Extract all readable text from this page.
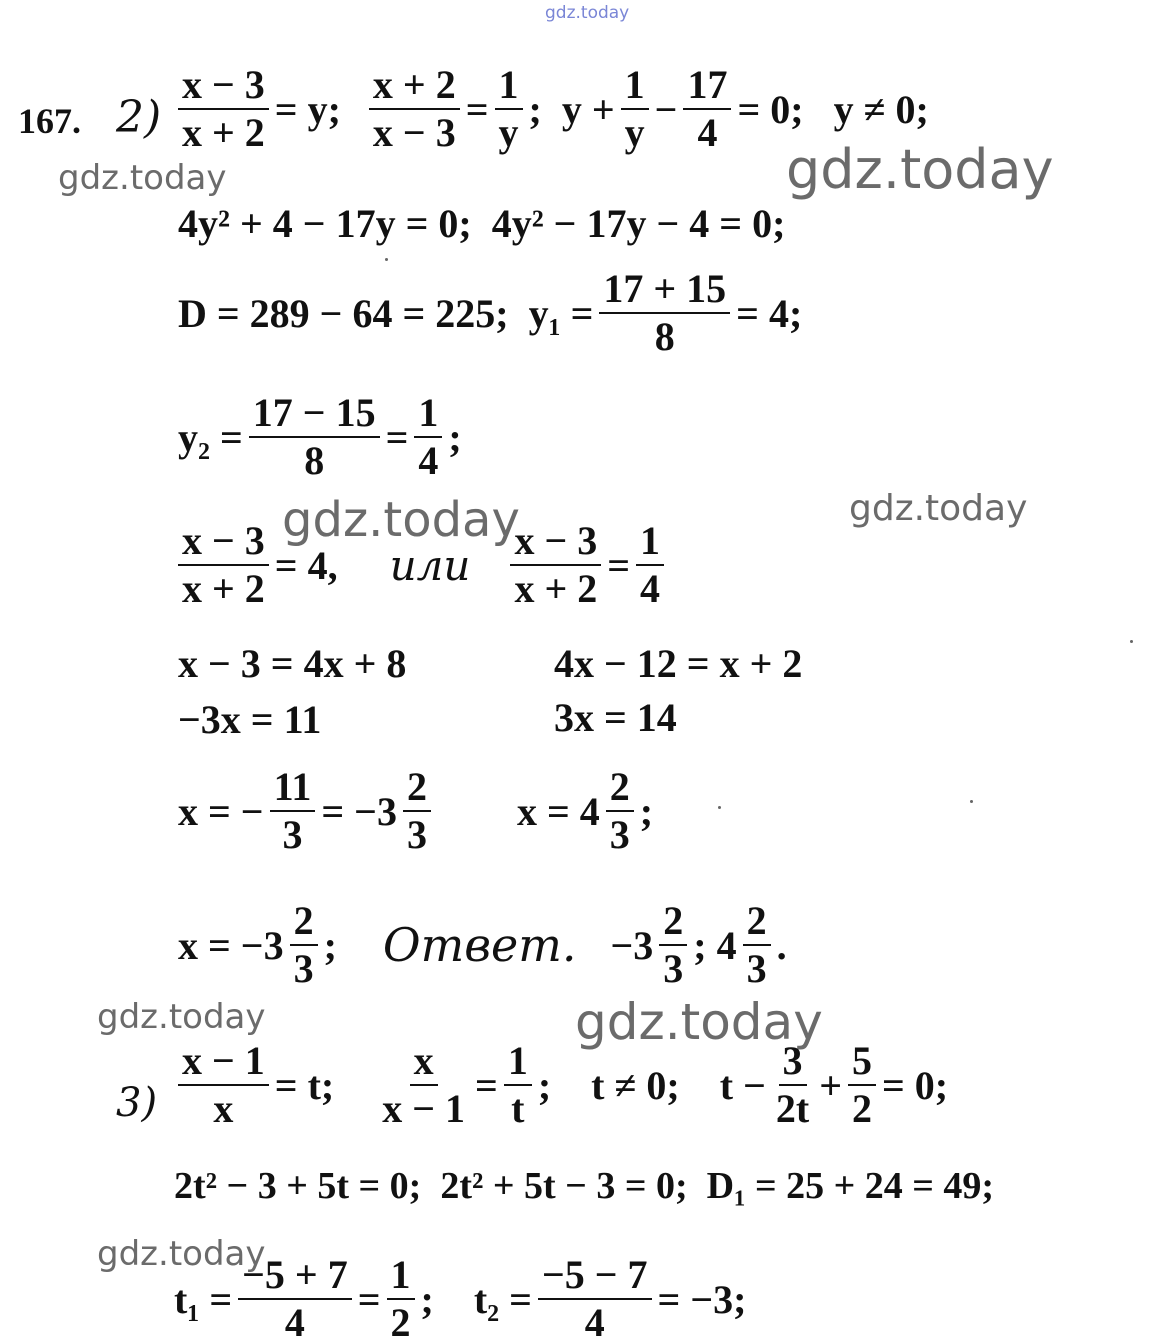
gdz.today
gdz.today	gdz.today
gdz.today	gdz.today
gdz.today	gdz.today
gdz.today
167. 2)
3)
$\frac{x - 3}{x + 2} = y$; $\frac{x + 2}{x - 3} = \frac{1}{y}$ ;  $y + \frac{1}{y} - \frac{17}{4} = 0$; y ≠ 0;
4y² + 4 − 17y = 0;  4y² − 17y − 4 = 0;
D = 289 − 64 = 225;  $y_1 = \frac{17 + 15}{8} = 4$;
$y_2 = \frac{17 - 15}{8} = \frac{1}{4}$ ;
$\frac{x - 3}{x + 2} = 4$, или $\frac{x - 3}{x + 2} = \frac{1}{4}$
x − 3 = 4x + 8	4x − 12 = x + 2
−3x = 11	3x = 14
x = − $\frac{11}{3} = -3 \frac{2}{3}$ $x = 4 \frac{2}{3}$ ;
$x = -3 \frac{2}{3}$ ; Ответ. $-3 \frac{2}{3}$ ; $4 \frac{2}{3}$ .
$\frac{x - 1}{x} = t$; $\frac{x}{x - 1} = \frac{1}{t}$ ; t ≠ 0; $t - \frac{3}{2t} + \frac{5}{2} = 0$;
2t² − 3 + 5t = 0;  2t² + 5t − 3 = 0;  D₁ = 25 + 24 = 49;
$t_1 = \frac{-5 + 7}{4} = \frac{1}{2}$ ; $t_2 = \frac{-5 - 7}{4} = -3$;
